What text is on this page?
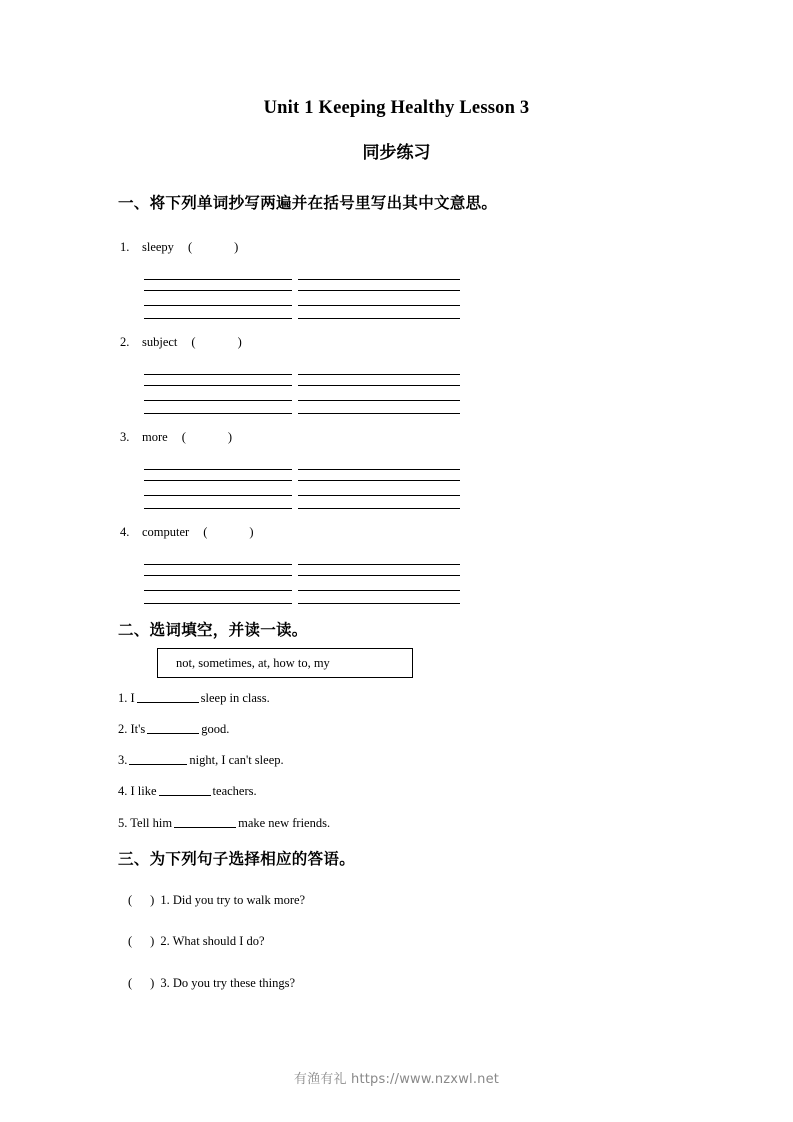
Unit 1 Keeping Healthy Lesson 3
同步练习
一、将下列单词抄写两遍并在括号里写出其中文意思。
1. sleepy (	)
2. subject (	)
3. more (	)
4. computer (	)
二、选词填空，并读一读。
not, sometimes, at, how to, my
1. I	sleep in class.
2. It's	good.
3.	night, I can't sleep.
4. I like	teachers.
5. Tell him	make new friends.
三、为下列句子选择相应的答语。
( ) 1. Did you try to walk more?
( ) 2. What should I do?
( ) 3. Do you try these things?
有渔有礼 https://www.nzxwl.net
